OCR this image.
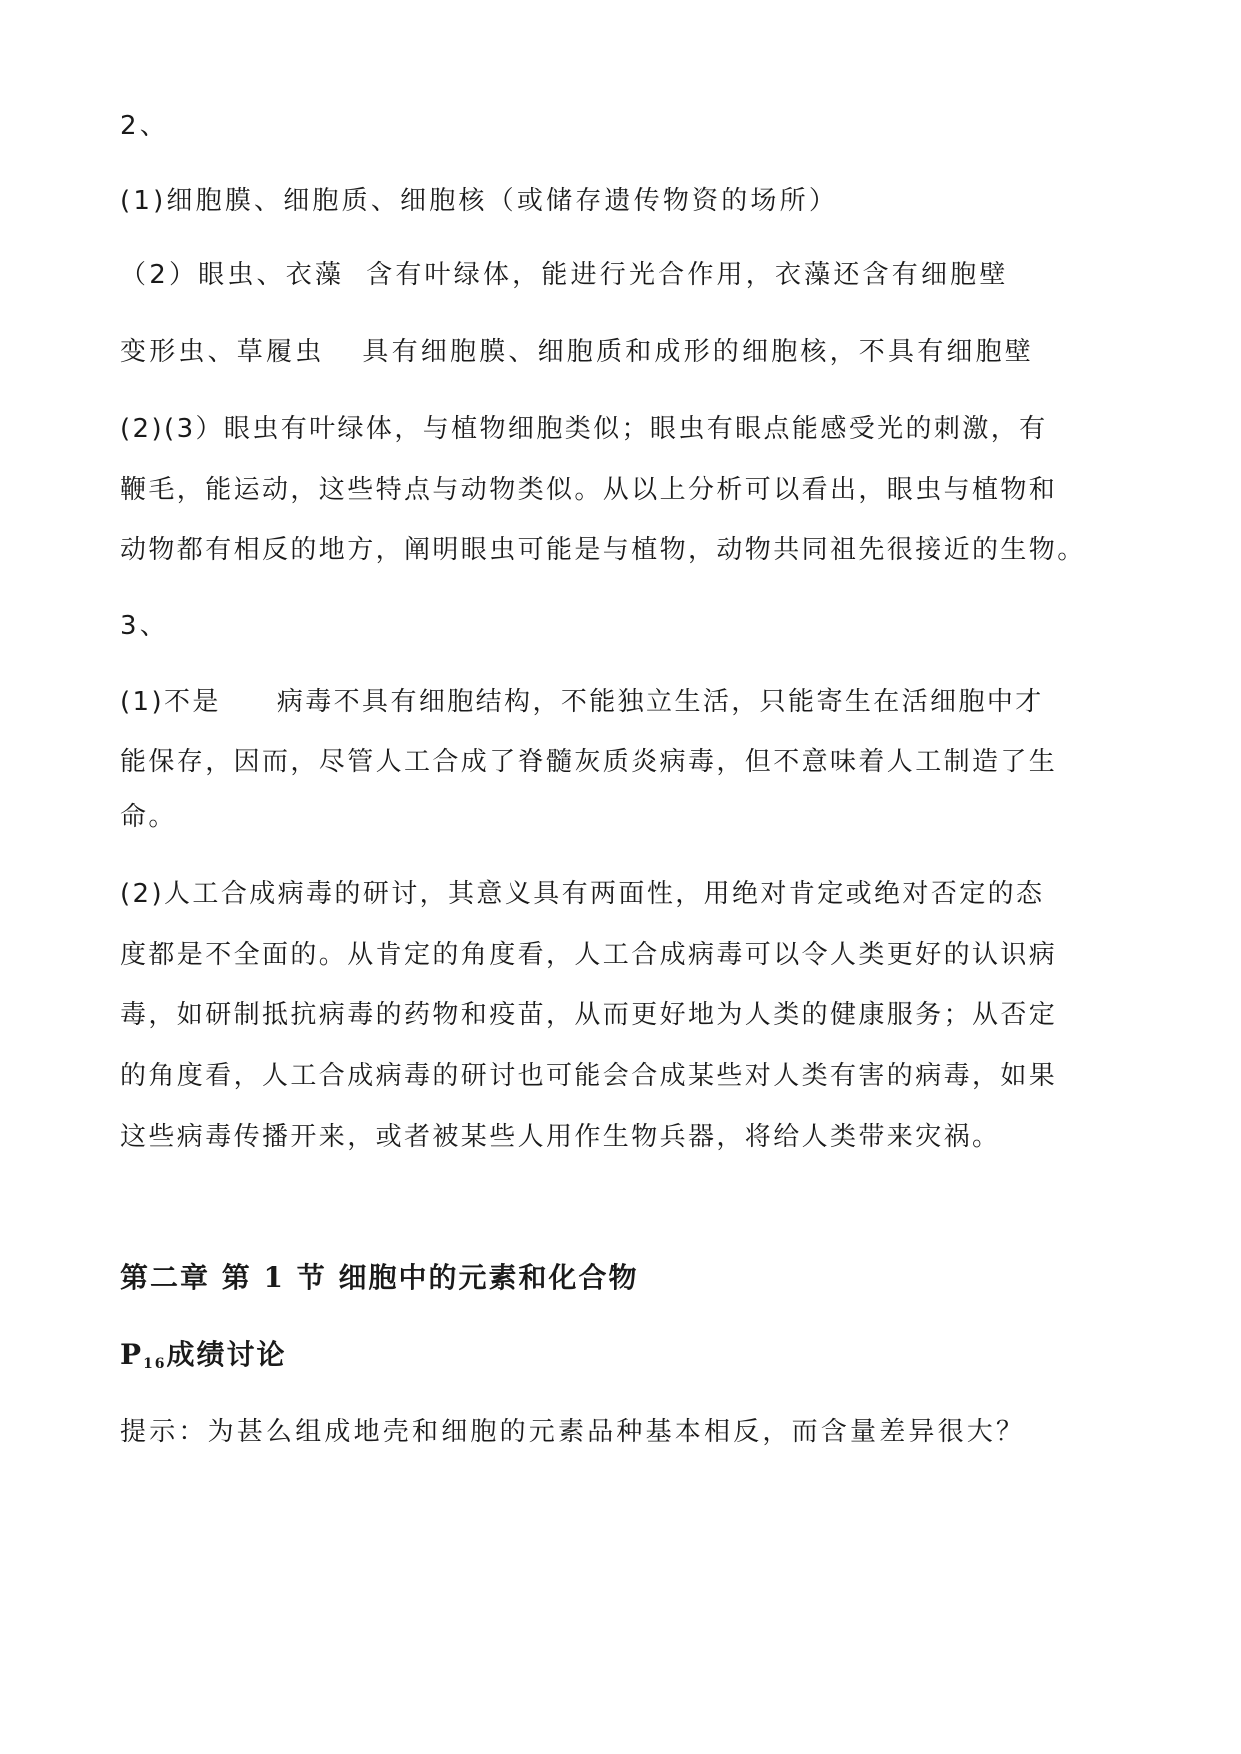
2、
(1)细胞膜、细胞质、细胞核（或储存遗传物资的场所）
（2）眼虫、衣藻 含有叶绿体，能进行光合作用，衣藻还含有细胞壁
变形虫、草履虫 具有细胞膜、细胞质和成形的细胞核，不具有细胞壁
(2)(3）眼虫有叶绿体，与植物细胞类似；眼虫有眼点能感受光的刺激，有
鞭毛，能运动，这些特点与动物类似。从以上分析可以看出，眼虫与植物和
动物都有相反的地方，阐明眼虫可能是与植物，动物共同祖先很接近的生物。
3、
(1)不是 病毒不具有细胞结构，不能独立生活，只能寄生在活细胞中才
能保存，因而，尽管人工合成了脊髓灰质炎病毒，但不意味着人工制造了生
命。
(2)人工合成病毒的研讨，其意义具有两面性，用绝对肯定或绝对否定的态
度都是不全面的。从肯定的角度看，人工合成病毒可以令人类更好的认识病
毒，如研制抵抗病毒的药物和疫苗，从而更好地为人类的健康服务；从否定
的角度看，人工合成病毒的研讨也可能会合成某些对人类有害的病毒，如果
这些病毒传播开来，或者被某些人用作生物兵器，将给人类带来灾祸。
第二章 第 1 节 细胞中的元素和化合物
$P_{16}$成绩讨论
提示：为甚么组成地壳和细胞的元素品种基本相反，而含量差异很大？
